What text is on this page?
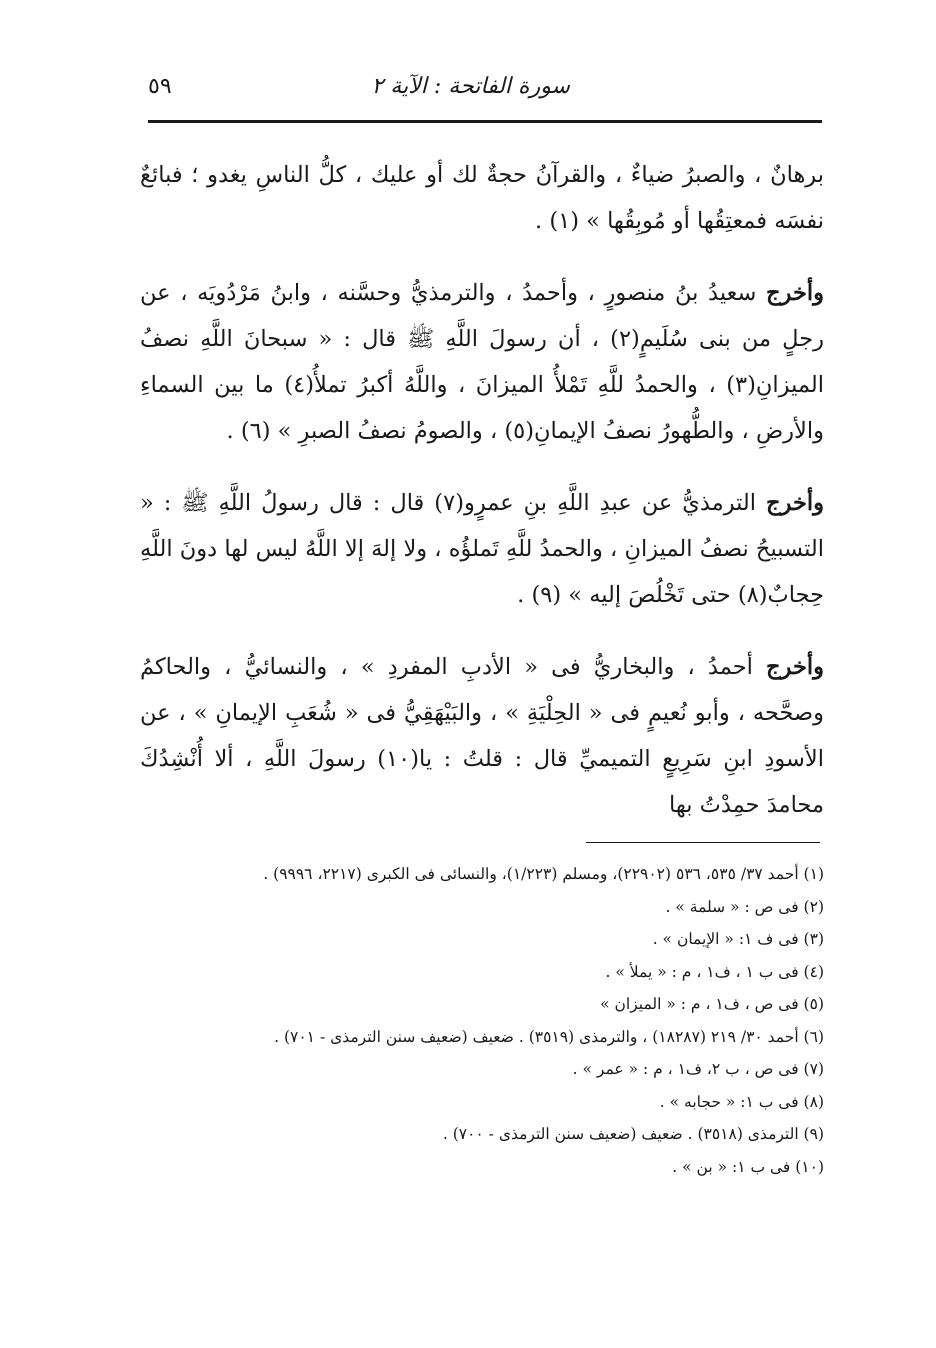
سورة الفاتحة : الآية ٢
٥٩

برهانٌ ، والصبرُ ضياءٌ ، والقرآنُ حجةٌ لك أو عليك ، كلُّ الناسِ يغدو ؛ فبائعٌ نفسَه فمعتِقُها أو مُوبِقُها » (١) .

وأخرج سعيدُ بنُ منصورٍ ، وأحمدُ ، والترمذيُّ وحسَّنه ، وابنُ مَرْدُويَه ، عن رجلٍ من بنى سُلَيمٍ(٢) ، أن رسولَ اللَّهِ ﷺ قال : « سبحانَ اللَّهِ نصفُ الميزانِ(٣) ، والحمدُ للَّهِ تَمْلأُ الميزانَ ، واللَّهُ أكبرُ تملأُ(٤) ما بين السماءِ والأرضِ ، والطُّهورُ نصفُ الإيمانِ(٥) ، والصومُ نصفُ الصبرِ » (٦) .

وأخرج الترمذيُّ عن عبدِ اللَّهِ بنِ عمرٍو(٧) قال : قال رسولُ اللَّهِ ﷺ : « التسبيحُ نصفُ الميزانِ ، والحمدُ للَّهِ تَملؤُه ، ولا إلهَ إلا اللَّهُ ليس لها دونَ اللَّهِ حِجابٌ(٨) حتى تَخْلُصَ إليه » (٩) .

وأخرج أحمدُ ، والبخاريُّ فى « الأدبِ المفردِ » ، والنسائيُّ ، والحاكمُ وصحَّحه ، وأبو نُعيمٍ فى « الحِلْيَةِ » ، والبَيْهَقِيُّ فى « شُعَبِ الإيمانِ » ، عن الأسودِ ابنِ سَرِيعٍ التميميِّ قال : قلتُ : يا(١٠) رسولَ اللَّهِ ، ألا أُنْشِدُكَ محامدَ حمِدْتُ بها

(١) أحمد ٣٧/ ٥٣٥، ٥٣٦ (٢٢٩٠٢)، ومسلم (١/٢٢٣)، والنسائى فى الكبرى (٢٢١٧، ٩٩٩٦) .
(٢) فى ص : « سلمة » .
(٣) فى ف ١: « الإيمان » .
(٤) فى ب ١ ، ف١ ، م : « يملأ » .
(٥) فى ص ، ف١ ، م : « الميزان »
(٦) أحمد ٣٠/ ٢١٩ (١٨٢٨٧) ، والترمذى (٣٥١٩) . ضعيف (ضعيف سنن الترمذى - ٧٠١) .
(٧) فى ص ، ب ٢، ف١ ، م : « عمر » .
(٨) فى ب ١: « حجابه » .
(٩) الترمذى (٣٥١٨) . ضعيف (ضعيف سنن الترمذى - ٧٠٠) .
(١٠) فى ب ١: « بن » .
